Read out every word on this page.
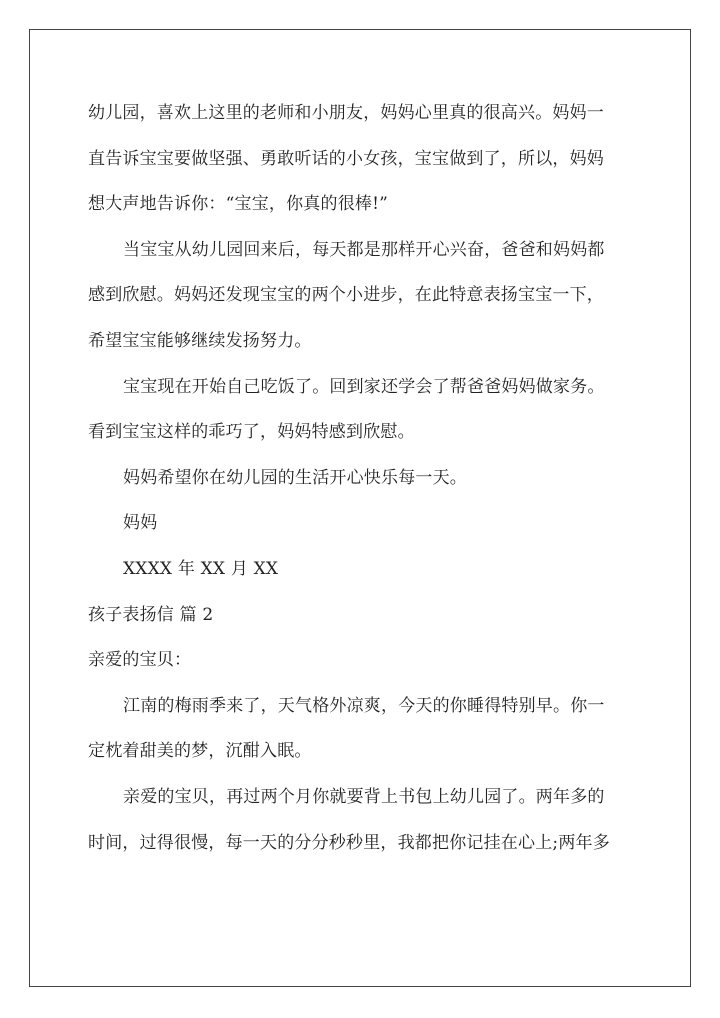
幼儿园，喜欢上这里的老师和小朋友，妈妈心里真的很高兴。妈妈一
直告诉宝宝要做坚强、勇敢听话的小女孩，宝宝做到了，所以，妈妈
想大声地告诉你：“宝宝，你真的很棒!”
当宝宝从幼儿园回来后，每天都是那样开心兴奋，爸爸和妈妈都
感到欣慰。妈妈还发现宝宝的两个小进步，在此特意表扬宝宝一下，
希望宝宝能够继续发扬努力。
宝宝现在开始自己吃饭了。回到家还学会了帮爸爸妈妈做家务。
看到宝宝这样的乖巧了，妈妈特感到欣慰。
妈妈希望你在幼儿园的生活开心快乐每一天。
妈妈
XXXX 年 XX 月 XX
孩子表扬信 篇 2
亲爱的宝贝：
江南的梅雨季来了，天气格外凉爽，今天的你睡得特别早。你一
定枕着甜美的梦，沉酣入眠。
亲爱的宝贝，再过两个月你就要背上书包上幼儿园了。两年多的
时间，过得很慢，每一天的分分秒秒里，我都把你记挂在心上;两年多
